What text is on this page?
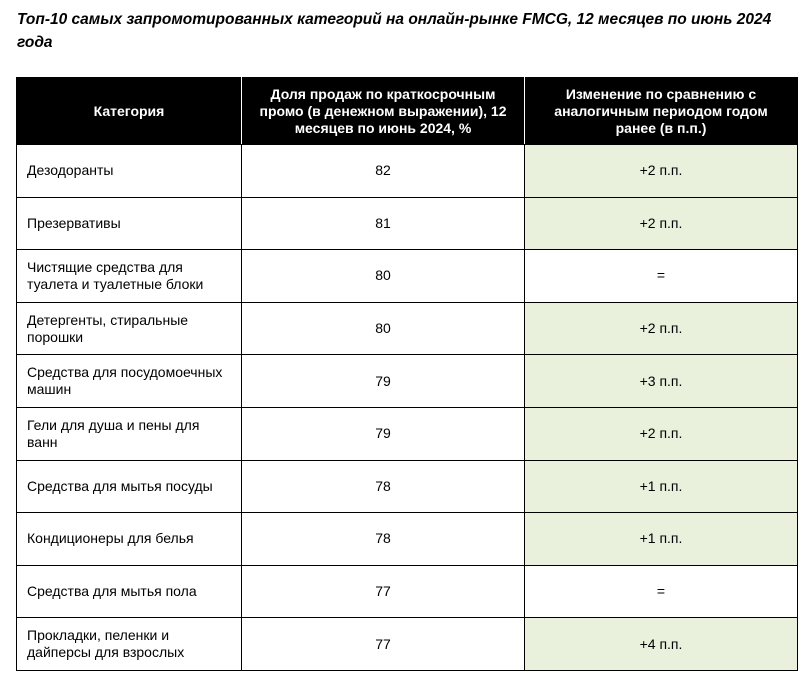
Топ-10 самых запромотированных категорий на онлайн-рынке FMCG, 12 месяцев по июнь 2024 года
Категория	Доля продаж по краткосрочным промо (в денежном выражении), 12 месяцев по июнь 2024, %	Изменение по сравнению с аналогичным периодом годом ранее (в п.п.)
Дезодоранты	82	+2 п.п.
Презервативы	81	+2 п.п.
Чистящие средства для туалета и туалетные блоки	80	=
Детергенты, стиральные порошки	80	+2 п.п.
Средства для посудомоечных машин	79	+3 п.п.
Гели для душа и пены для ванн	79	+2 п.п.
Средства для мытья посуды	78	+1 п.п.
Кондиционеры для белья	78	+1 п.п.
Средства для мытья пола	77	=
Прокладки, пеленки и дайперсы для взрослых	77	+4 п.п.
